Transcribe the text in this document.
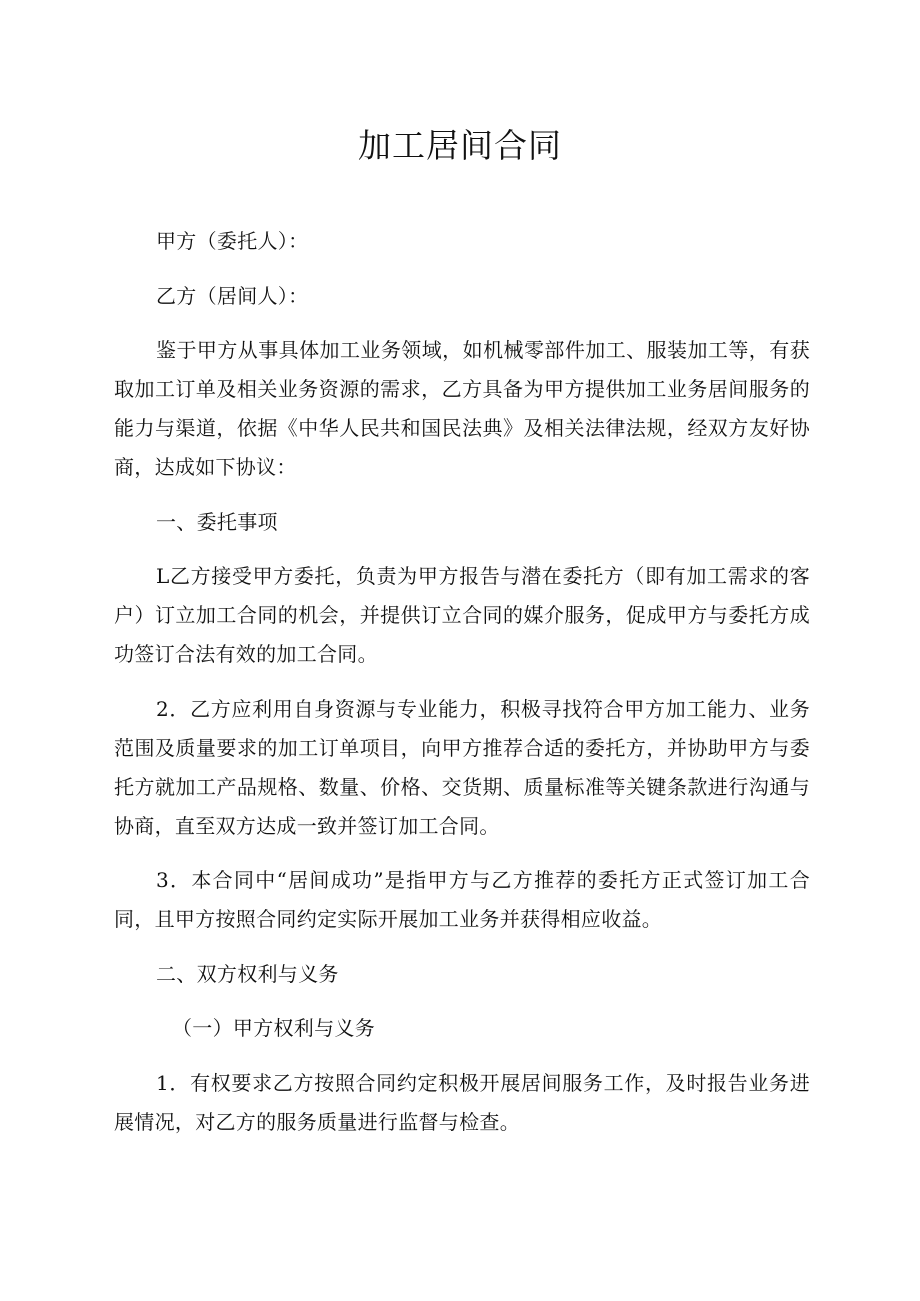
加工居间合同

甲方（委托人）：

乙方（居间人）：

鉴于甲方从事具体加工业务领域，如机械零部件加工、服装加工等，有获取加工订单及相关业务资源的需求，乙方具备为甲方提供加工业务居间服务的能力与渠道，依据《中华人民共和国民法典》及相关法律法规，经双方友好协商，达成如下协议：

一、委托事项

L乙方接受甲方委托，负责为甲方报告与潜在委托方（即有加工需求的客户）订立加工合同的机会，并提供订立合同的媒介服务，促成甲方与委托方成功签订合法有效的加工合同。

2．乙方应利用自身资源与专业能力，积极寻找符合甲方加工能力、业务范围及质量要求的加工订单项目，向甲方推荐合适的委托方，并协助甲方与委托方就加工产品规格、数量、价格、交货期、质量标准等关键条款进行沟通与协商，直至双方达成一致并签订加工合同。

3．本合同中“居间成功”是指甲方与乙方推荐的委托方正式签订加工合同，且甲方按照合同约定实际开展加工业务并获得相应收益。

二、双方权利与义务

（一）甲方权利与义务

1．有权要求乙方按照合同约定积极开展居间服务工作，及时报告业务进展情况，对乙方的服务质量进行监督与检查。
